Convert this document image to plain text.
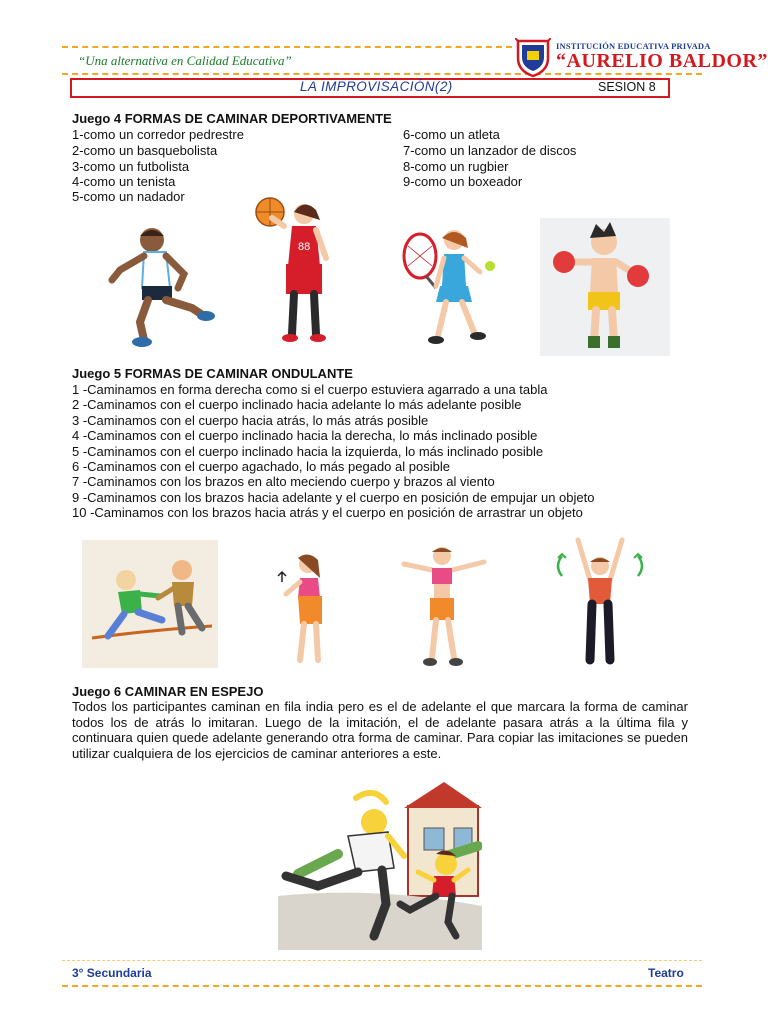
“Una alternativa en Calidad Educativa”
INSTITUCIÓN EDUCATIVA PRIVADA
“AURELIO BALDOR”
LA IMPROVISACIÓN(2)	SESION 8
Juego 4 FORMAS DE CAMINAR DEPORTIVAMENTE
1-como un corredor pedrestre
2-como un basquebolista
3-como un futbolista
4-como un tenista
5-como un nadador
6-como un atleta
7-como un lanzador de discos
8-como un rugbier
9-como un boxeador
88
Juego 5 FORMAS DE CAMINAR ONDULANTE
1 -Caminamos en forma derecha como si el cuerpo estuviera agarrado a una tabla
2 -Caminamos con el cuerpo inclinado hacia adelante lo más adelante posible
3 -Caminamos con el cuerpo hacia atrás, lo más atrás posible
4 -Caminamos con el cuerpo inclinado hacia la derecha, lo más inclinado posible
5 -Caminamos con el cuerpo inclinado hacia la izquierda, lo más inclinado posible
6 -Caminamos con el cuerpo agachado, lo más pegado al posible
7 -Caminamos con los brazos en alto meciendo cuerpo y brazos al viento
9 -Caminamos con los brazos hacia adelante y el cuerpo en posición de empujar un objeto
10 -Caminamos con los brazos hacia atrás y el cuerpo en posición de arrastrar un objeto
Juego 6 CAMINAR EN ESPEJO
Todos los participantes caminan en fila india pero es el de adelante el que marcara la forma de caminar todos los de atrás lo imitaran. Luego de la imitación, el de adelante pasara atrás a la última fila y continuara quien quede adelante generando otra forma de caminar. Para copiar las imitaciones se pueden utilizar cualquiera de los ejercicios de caminar anteriores a este.
3° Secundaria	Teatro
